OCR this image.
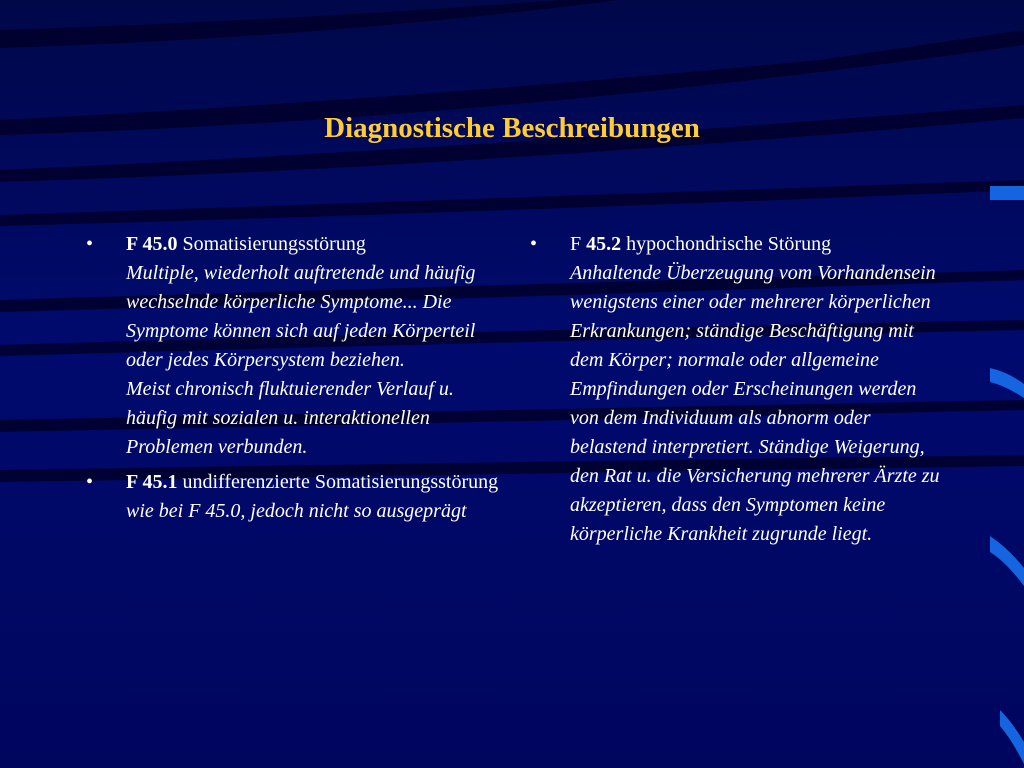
Diagnostische Beschreibungen
• F 45.0 Somatisierungsstörung
Multiple, wiederholt auftretende und häufig wechselnde körperliche Symptome... Die Symptome können sich auf jeden Körperteil oder jedes Körpersystem beziehen.
Meist chronisch fluktuierender Verlauf u. häufig mit sozialen u. interaktionellen Problemen verbunden.
• F 45.1 undifferenzierte Somatisierungsstörung
wie bei F 45.0, jedoch nicht so ausgeprägt
• F 45.2 hypochondrische Störung
Anhaltende Überzeugung vom Vorhandensein wenigstens einer oder mehrerer körperlichen Erkrankungen; ständige Beschäftigung mit dem Körper; normale oder allgemeine Empfindungen oder Erscheinungen werden von dem Individuum als abnorm oder belastend interpretiert. Ständige Weigerung, den Rat u. die Versicherung mehrerer Ärzte zu akzeptieren, dass den Symptomen keine körperliche Krankheit zugrunde liegt.
